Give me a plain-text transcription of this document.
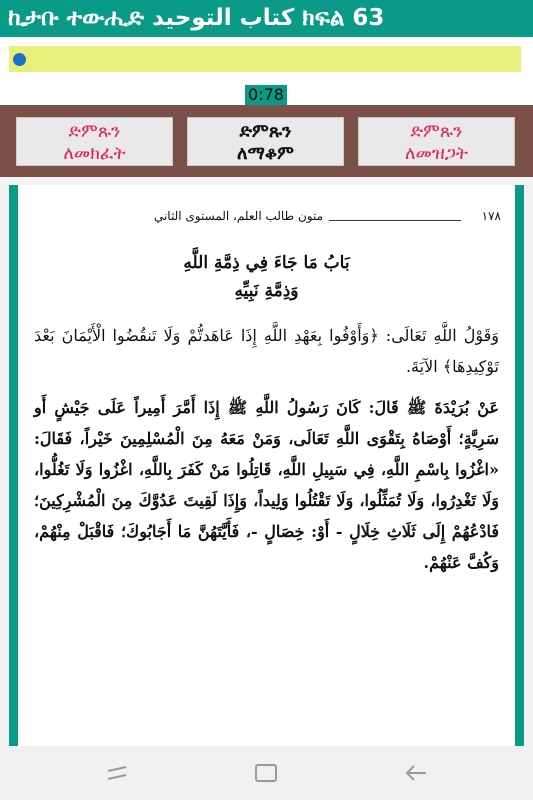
ኪታቡ ተውሒድ كتاب التوحيد ክፍል 63
0:78
ድምጹን
ለመክፈት
ድምጹን
ለማቆም
ድምጹን
ለመዝጋት
١٧٨
متون طالب العلم، المستوى الثاني
بَابُ مَا جَاءَ فِي ذِمَّةِ اللَّهِ
وَذِمَّةِ نَبِيِّهِ
وَقَوْلُ اللَّهِ تَعَالَى: ﴿وَأَوْفُوا بِعَهْدِ اللَّهِ إِذَا عَاهَدتُّمْ وَلَا تَنقُضُوا الْأَيْمَانَ بَعْدَ تَوْكِيدِهَا﴾ الآيَةَ.
عَنْ بُرَيْدَةَ ﷺ قَالَ: كَانَ رَسُولُ اللَّهِ ﷺ إِذَا أَمَّرَ أَمِيراً عَلَى جَيْشٍ أَو سَرِيَّةٍ؛ أَوْصَاهُ بِتَقْوَى اللَّهِ تَعَالَى، وَمَنْ مَعَهُ مِنَ الْمُسْلِمِينَ خَيْراً، فَقَالَ: «اغْزُوا بِاسْمِ اللَّهِ، فِي سَبِيلِ اللَّهِ، قَاتِلُوا مَنْ كَفَرَ بِاللَّهِ، اغْزُوا وَلَا تَغُلُّوا، وَلَا تَغْدِرُوا، وَلَا تُمَثِّلُوا، وَلَا تَقْتُلُوا وَلِيداً، وَإِذَا لَقِيتَ عَدُوَّكَ مِنَ الْمُشْرِكِينَ؛ فَادْعُهُمْ إِلَى ثَلَاثِ خِلَالٍ - أَوْ: خِصَالٍ -، فَأَيَّتَهُنَّ مَا أَجَابُوكَ؛ فَاقْبَلْ مِنْهُمْ، وَكُفَّ عَنْهُمْ.
